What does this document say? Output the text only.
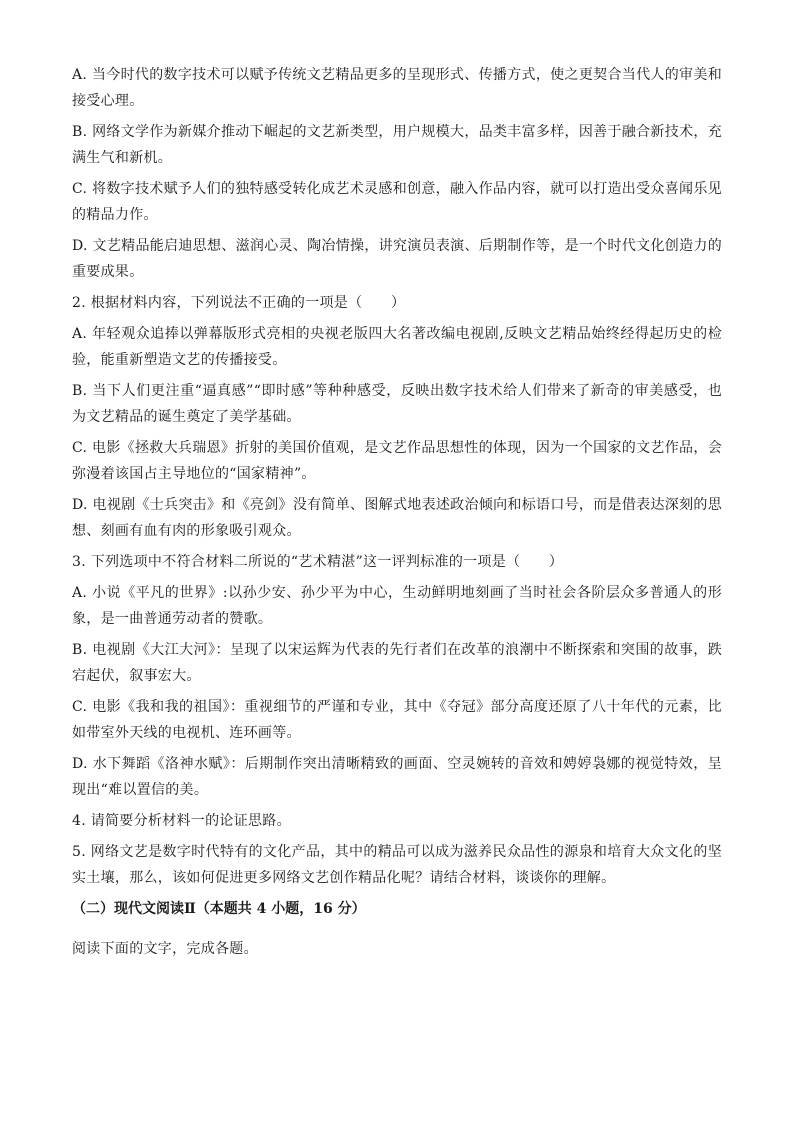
A. 当今时代的数字技术可以赋予传统文艺精品更多的呈现形式、传播方式，使之更契合当代人的审美和接受心理。

B. 网络文学作为新媒介推动下崛起的文艺新类型，用户规模大，品类丰富多样，因善于融合新技术，充满生气和新机。

C. 将数字技术赋予人们的独特感受转化成艺术灵感和创意，融入作品内容，就可以打造出受众喜闻乐见的精品力作。

D. 文艺精品能启迪思想、滋润心灵、陶冶情操，讲究演员表演、后期制作等，是一个时代文化创造力的重要成果。

2. 根据材料内容，下列说法不正确的一项是（　　）

A. 年轻观众追捧以弹幕版形式亮相的央视老版四大名著改编电视剧,反映文艺精品始终经得起历史的检验，能重新塑造文艺的传播接受。

B. 当下人们更注重“逼真感”“即时感”等种种感受，反映出数字技术给人们带来了新奇的审美感受，也为文艺精品的诞生奠定了美学基础。

C. 电影《拯救大兵瑞恩》折射的美国价值观，是文艺作品思想性的体现，因为一个国家的文艺作品，会弥漫着该国占主导地位的“国家精神”。

D. 电视剧《士兵突击》和《亮剑》没有简单、图解式地表述政治倾向和标语口号，而是借表达深刻的思想、刻画有血有肉的形象吸引观众。

3. 下列选项中不符合材料二所说的“艺术精湛”这一评判标准的一项是（　　）

A. 小说《平凡的世界》:以孙少安、孙少平为中心，生动鲜明地刻画了当时社会各阶层众多普通人的形象，是一曲普通劳动者的赞歌。

B. 电视剧《大江大河》：呈现了以宋运辉为代表的先行者们在改革的浪潮中不断探索和突围的故事，跌宕起伏，叙事宏大。

C. 电影《我和我的祖国》：重视细节的严谨和专业，其中《夺冠》部分高度还原了八十年代的元素，比如带室外天线的电视机、连环画等。

D. 水下舞蹈《洛神水赋》：后期制作突出清晰精致的画面、空灵婉转的音效和娉婷袅娜的视觉特效，呈现出“难以置信的美。

4. 请简要分析材料一的论证思路。

5. 网络文艺是数字时代特有的文化产品，其中的精品可以成为滋养民众品性的源泉和培育大众文化的坚实土壤，那么，该如何促进更多网络文艺创作精品化呢？请结合材料，谈谈你的理解。

（二）现代文阅读Ⅱ（本题共 4 小题，16 分）

阅读下面的文字，完成各题。
